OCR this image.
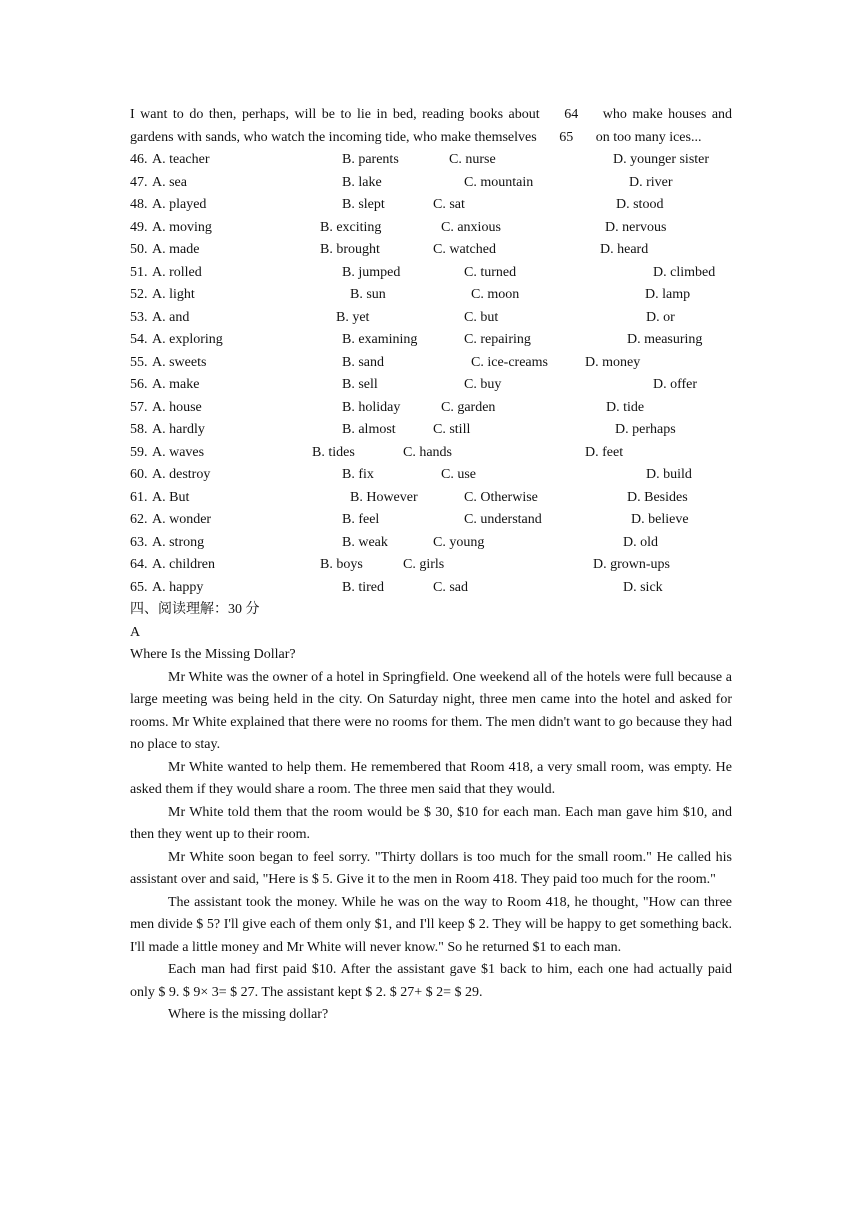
I want to do then, perhaps, will be to lie in bed, reading books about 64 who make houses and gardens with sands, who watch the incoming tide, who make themselves 65 on too many ices...

46. A. teacher	B. parents	C. nurse	D. younger sister
47. A. sea	B. lake	C. mountain	D. river
48. A. played	B. slept	C. sat	D. stood
49. A. moving	B. exciting	C. anxious	D. nervous
50. A. made	B. brought	C. watched	D. heard
51. A. rolled	B. jumped	C. turned	D. climbed
52. A. light	B. sun	C. moon	D. lamp
53. A. and	B. yet	C. but	D. or
54. A. exploring	B. examining	C. repairing	D. measuring
55. A. sweets	B. sand	C. ice-creams	D. money
56. A. make	B. sell	C. buy	D. offer
57. A. house	B. holiday	C. garden	D. tide
58. A. hardly	B. almost	C. still	D. perhaps
59. A. waves	B. tides	C. hands	D. feet
60. A. destroy	B. fix	C. use	D. build
61. A. But	B. However	C. Otherwise	D. Besides
62. A. wonder	B. feel	C. understand	D. believe
63. A. strong	B. weak	C. young	D. old
64. A. children	B. boys	C. girls	D. grown-ups
65. A. happy	B. tired	C. sad	D. sick

四、阅读理解：30 分

A

Where Is the Missing Dollar?

Mr White was the owner of a hotel in Springfield. One weekend all of the hotels were full because a large meeting was being held in the city. On Saturday night, three men came into the hotel and asked for rooms. Mr White explained that there were no rooms for them. The men didn't want to go because they had no place to stay.

Mr White wanted to help them. He remembered that Room 418, a very small room, was empty. He asked them if they would share a room. The three men said that they would.

Mr White told them that the room would be $ 30, $10 for each man. Each man gave him $10, and then they went up to their room.

Mr White soon began to feel sorry. "Thirty dollars is too much for the small room." He called his assistant over and said, "Here is $ 5. Give it to the men in Room 418. They paid too much for the room."

The assistant took the money. While he was on the way to Room 418, he thought, "How can three men divide $ 5? I'll give each of them only $1, and I'll keep $ 2. They will be happy to get something back. I'll made a little money and Mr White will never know." So he returned $1 to each man.

Each man had first paid $10. After the assistant gave $1 back to him, each one had actually paid only $ 9. $ 9× 3= $ 27. The assistant kept $ 2. $ 27+ $ 2= $ 29.

Where is the missing dollar?
